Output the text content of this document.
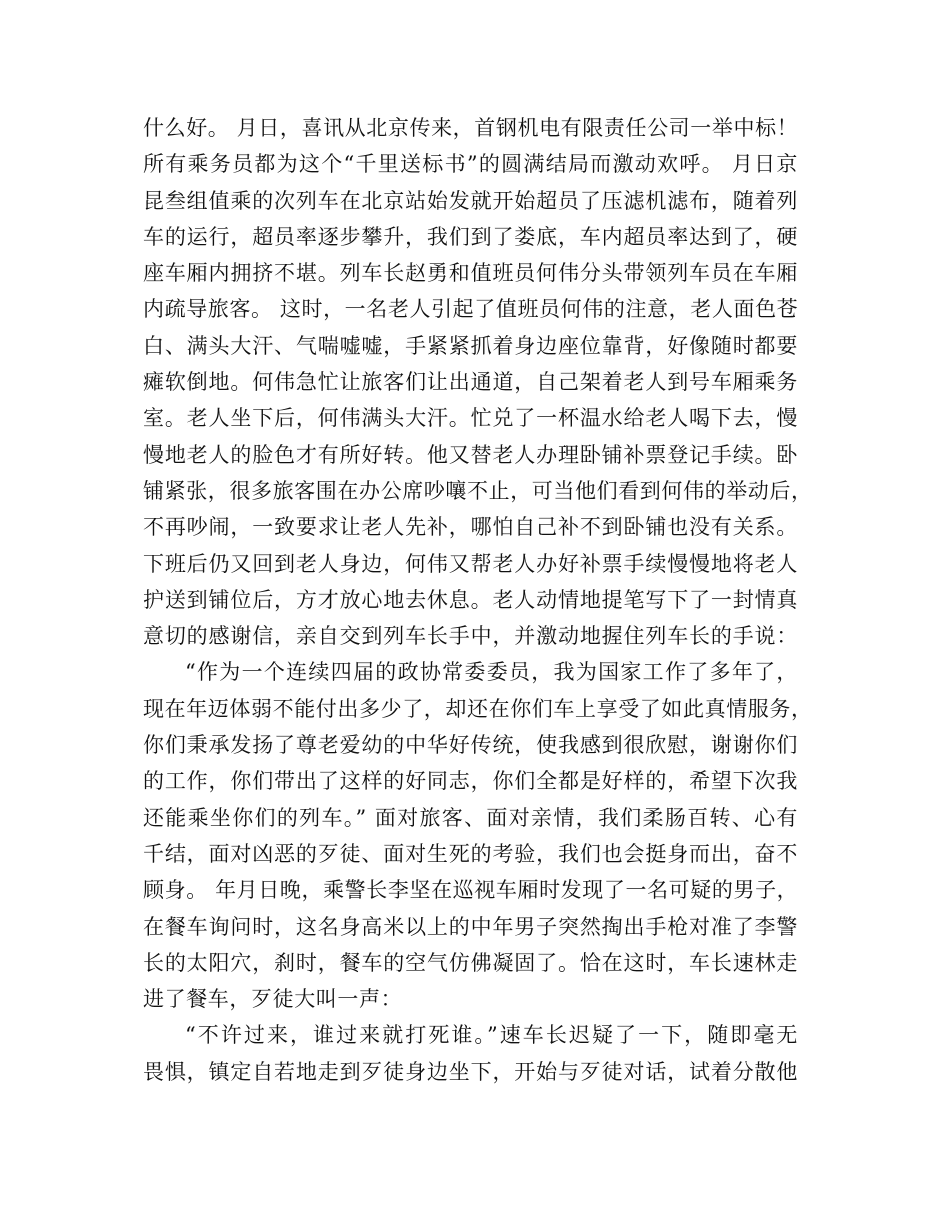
什么好。 月日，喜讯从北京传来，首钢机电有限责任公司一举中标！
所有乘务员都为这个“千里送标书”的圆满结局而激动欢呼。 月日京
昆叁组值乘的次列车在北京站始发就开始超员了压滤机滤布，随着列
车的运行，超员率逐步攀升，我们到了娄底，车内超员率达到了，硬
座车厢内拥挤不堪。列车长赵勇和值班员何伟分头带领列车员在车厢
内疏导旅客。 这时，一名老人引起了值班员何伟的注意，老人面色苍
白、满头大汗、气喘嘘嘘，手紧紧抓着身边座位靠背，好像随时都要
瘫软倒地。何伟急忙让旅客们让出通道，自己架着老人到号车厢乘务
室。老人坐下后，何伟满头大汗。忙兑了一杯温水给老人喝下去，慢
慢地老人的脸色才有所好转。他又替老人办理卧铺补票登记手续。卧
铺紧张，很多旅客围在办公席吵嚷不止，可当他们看到何伟的举动后，
不再吵闹，一致要求让老人先补，哪怕自己补不到卧铺也没有关系。
下班后仍又回到老人身边，何伟又帮老人办好补票手续慢慢地将老人
护送到铺位后，方才放心地去休息。老人动情地提笔写下了一封情真
意切的感谢信，亲自交到列车长手中，并激动地握住列车长的手说：
“作为一个连续四届的政协常委委员，我为国家工作了多年了，
现在年迈体弱不能付出多少了，却还在你们车上享受了如此真情服务，
你们秉承发扬了尊老爱幼的中华好传统，使我感到很欣慰，谢谢你们
的工作，你们带出了这样的好同志，你们全都是好样的，希望下次我
还能乘坐你们的列车。” 面对旅客、面对亲情，我们柔肠百转、心有
千结，面对凶恶的歹徒、面对生死的考验，我们也会挺身而出，奋不
顾身。 年月日晚，乘警长李坚在巡视车厢时发现了一名可疑的男子，
在餐车询问时，这名身高米以上的中年男子突然掏出手枪对准了李警
长的太阳穴，刹时，餐车的空气仿佛凝固了。恰在这时，车长速林走
进了餐车，歹徒大叫一声：
“不许过来，谁过来就打死谁。”速车长迟疑了一下，随即毫无
畏惧，镇定自若地走到歹徒身边坐下，开始与歹徒对话，试着分散他
